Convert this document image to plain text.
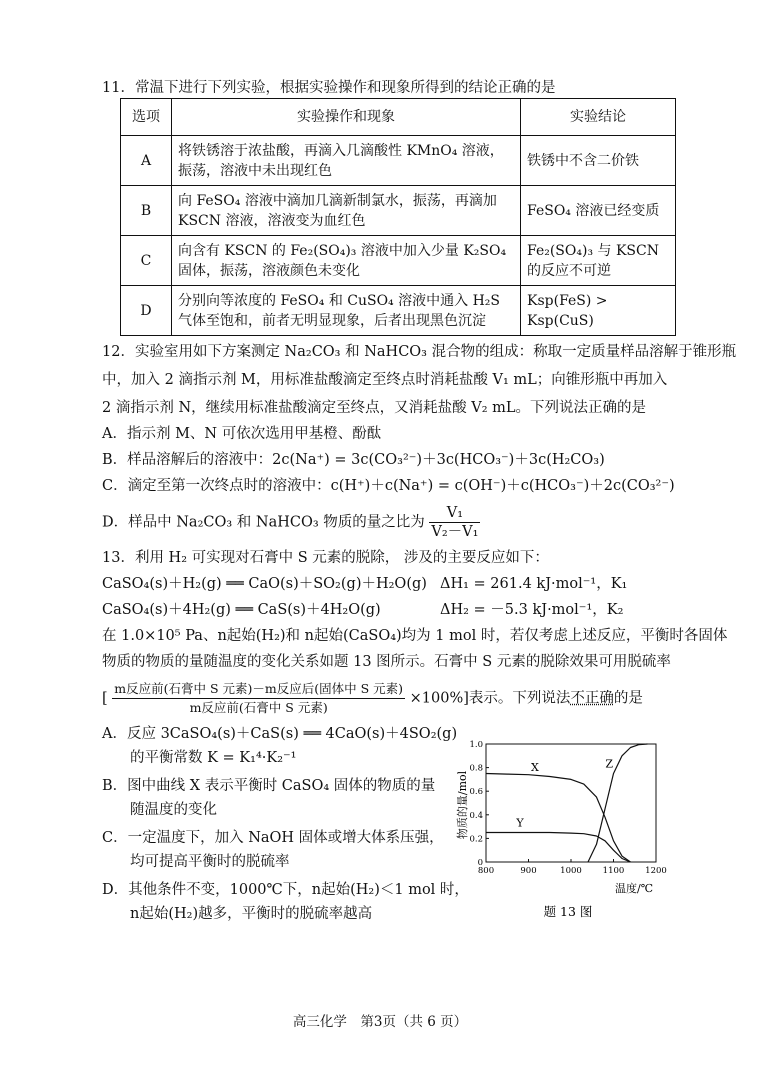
11．常温下进行下列实验，根据实验操作和现象所得到的结论正确的是
选项	实验操作和现象	实验结论
A	将铁锈溶于浓盐酸，再滴入几滴酸性 KMnO₄ 溶液，振荡，溶液中未出现红色	铁锈中不含二价铁
B	向 FeSO₄ 溶液中滴加几滴新制氯水，振荡，再滴加 KSCN 溶液，溶液变为血红色	FeSO₄ 溶液已经变质
C	向含有 KSCN 的 Fe₂(SO₄)₃ 溶液中加入少量 K₂SO₄ 固体，振荡，溶液颜色未变化	Fe₂(SO₄)₃ 与 KSCN 的反应不可逆
D	分别向等浓度的 FeSO₄ 和 CuSO₄ 溶液中通入 H₂S 气体至饱和，前者无明显现象，后者出现黑色沉淀	Ksp(FeS) > Ksp(CuS)
12．实验室用如下方案测定 Na₂CO₃ 和 NaHCO₃ 混合物的组成：称取一定质量样品溶解于锥形瓶
中，加入 2 滴指示剂 M，用标准盐酸滴定至终点时消耗盐酸 V₁ mL；向锥形瓶中再加入
2 滴指示剂 N，继续用标准盐酸滴定至终点，又消耗盐酸 V₂ mL。下列说法正确的是
A．指示剂 M、N 可依次选用甲基橙、酚酞
B．样品溶解后的溶液中：2c(Na⁺) = 3c(CO₃²⁻)＋3c(HCO₃⁻)＋3c(H₂CO₃)
C．滴定至第一次终点时的溶液中：c(H⁺)＋c(Na⁺) = c(OH⁻)＋c(HCO₃⁻)＋2c(CO₃²⁻)
D．样品中 Na₂CO₃ 和 NaHCO₃ 物质的量之比为 $\frac{\text{V₁}}{\text{V₂－V₁}}$
13．利用 H₂ 可实现对石膏中 S 元素的脱除， 涉及的主要反应如下：
CaSO₄(s)＋H₂(g) ══ CaO(s)＋SO₂(g)＋H₂O(g) ΔH₁ = 261.4 kJ·mol⁻¹，K₁
CaSO₄(s)＋4H₂(g) ══ CaS(s)＋4H₂O(g)	ΔH₂ = －5.3 kJ·mol⁻¹，K₂
在 1.0×10⁵ Pa、n起始(H₂)和 n起始(CaSO₄)均为 1 mol 时，若仅考虑上述反应，平衡时各固体
物质的物质的量随温度的变化关系如题 13 图所示。石膏中 S 元素的脱除效果可用脱硫率
[ $\frac{\text{m反应前(石膏中 S 元素)－m反应后(固体中 S 元素)}}{\text{m反应前(石膏中 S 元素)}} \times 100\%$]表示。下列说法不正确的是
A．反应 3CaSO₄(s)＋CaS(s) ══ 4CaO(s)＋4SO₂(g)
的平衡常数 K = K₁⁴·K₂⁻¹
B．图中曲线 X 表示平衡时 CaSO₄ 固体的物质的量
随温度的变化
C．一定温度下，加入 NaOH 固体或增大体系压强，
均可提高平衡时的脱硫率
D．其他条件不变，1000℃下，n起始(H₂)＜1 mol 时，
n起始(H₂)越多，平衡时的脱硫率越高
800	900	1000 1100 1200
0
0.2
0.4
0.6
0.8
1.0
X
Y
Z
物质的量/mol
温度/℃
题 13 图
高三化学　第3页（共 6 页）
